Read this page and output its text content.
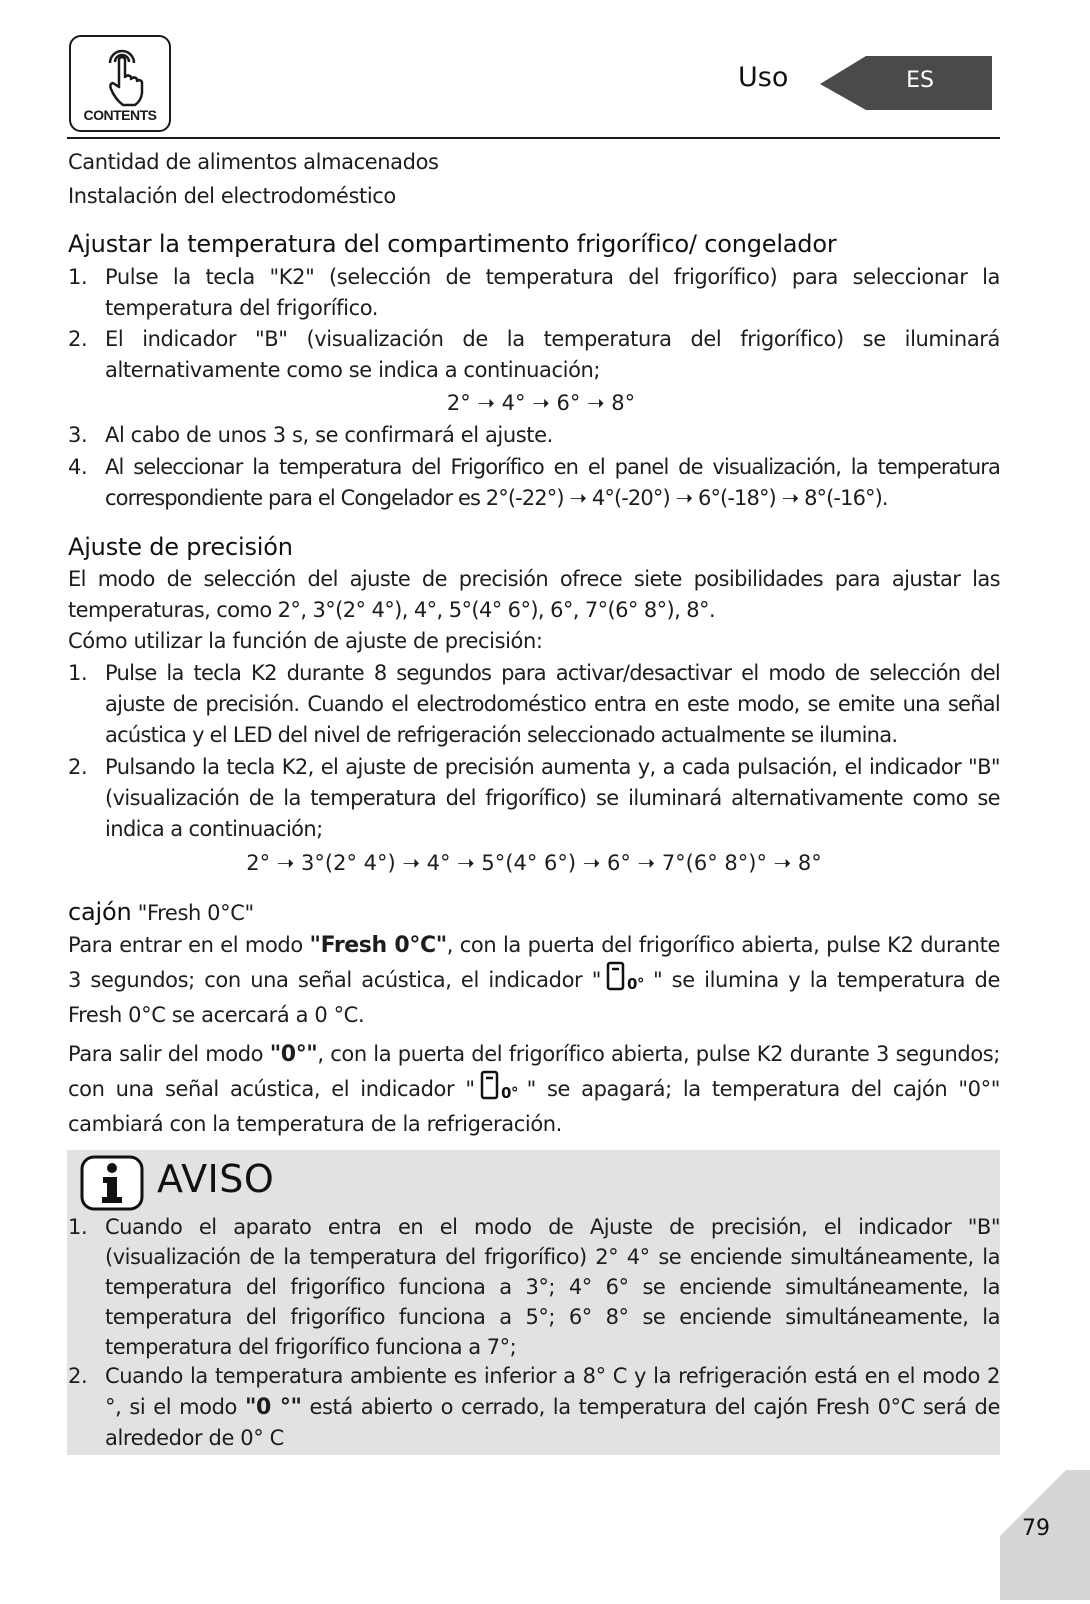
CONTENTS
Uso	ES
Cantidad de alimentos almacenados
Instalación del electrodoméstico
Ajustar la temperatura del compartimento frigorífico/ congelador
1. Pulse la tecla "K2" (selección de temperatura del frigorífico) para seleccionar la temperatura del frigorífico.
2. El indicador "B" (visualización de la temperatura del frigorífico) se iluminará alternativamente como se indica a continuación;
2° ➝ 4° ➝ 6° ➝ 8°
3. Al cabo de unos 3 s, se confirmará el ajuste.
4. Al seleccionar la temperatura del Frigorífico en el panel de visualización, la temperatura correspondiente para el Congelador es 2°(-22°) ➝ 4°(-20°) ➝ 6°(-18°) ➝ 8°(-16°).
Ajuste de precisión
El modo de selección del ajuste de precisión ofrece siete posibilidades para ajustar las temperaturas, como 2°, 3°(2° 4°), 4°, 5°(4° 6°), 6°, 7°(6° 8°), 8°.
Cómo utilizar la función de ajuste de precisión:
1. Pulse la tecla K2 durante 8 segundos para activar/desactivar el modo de selección del ajuste de precisión. Cuando el electrodoméstico entra en este modo, se emite una señal acústica y el LED del nivel de refrigeración seleccionado actualmente se ilumina.
2. Pulsando la tecla K2, el ajuste de precisión aumenta y, a cada pulsación, el indicador "B" (visualización de la temperatura del frigorífico) se iluminará alternativamente como se indica a continuación;
2° ➝ 3°(2° 4°) ➝ 4° ➝ 5°(4° 6°) ➝ 6° ➝ 7°(6° 8°)° ➝ 8°
cajón "Fresh 0°C"
Para entrar en el modo "Fresh 0°C", con la puerta del frigorífico abierta, pulse K2 durante 3 segundos; con una señal acústica, el indicador " 0° " se ilumina y la temperatura de Fresh 0°C se acercará a 0 °C.
Para salir del modo "0°", con la puerta del frigorífico abierta, pulse K2 durante 3 segundos; con una señal acústica, el indicador " 0° " se apagará; la temperatura del cajón "0°" cambiará con la temperatura de la refrigeración.
AVISO
1. Cuando el aparato entra en el modo de Ajuste de precisión, el indicador "B" (visualización de la temperatura del frigorífico) 2° 4° se enciende simultáneamente, la temperatura del frigorífico funciona a 3°; 4° 6° se enciende simultáneamente, la temperatura del frigorífico funciona a 5°; 6° 8° se enciende simultáneamente, la temperatura del frigorífico funciona a 7°;
2. Cuando la temperatura ambiente es inferior a 8° C y la refrigeración está en el modo 2 °, si el modo "0 °" está abierto o cerrado, la temperatura del cajón Fresh 0°C será de alrededor de 0° C
79
